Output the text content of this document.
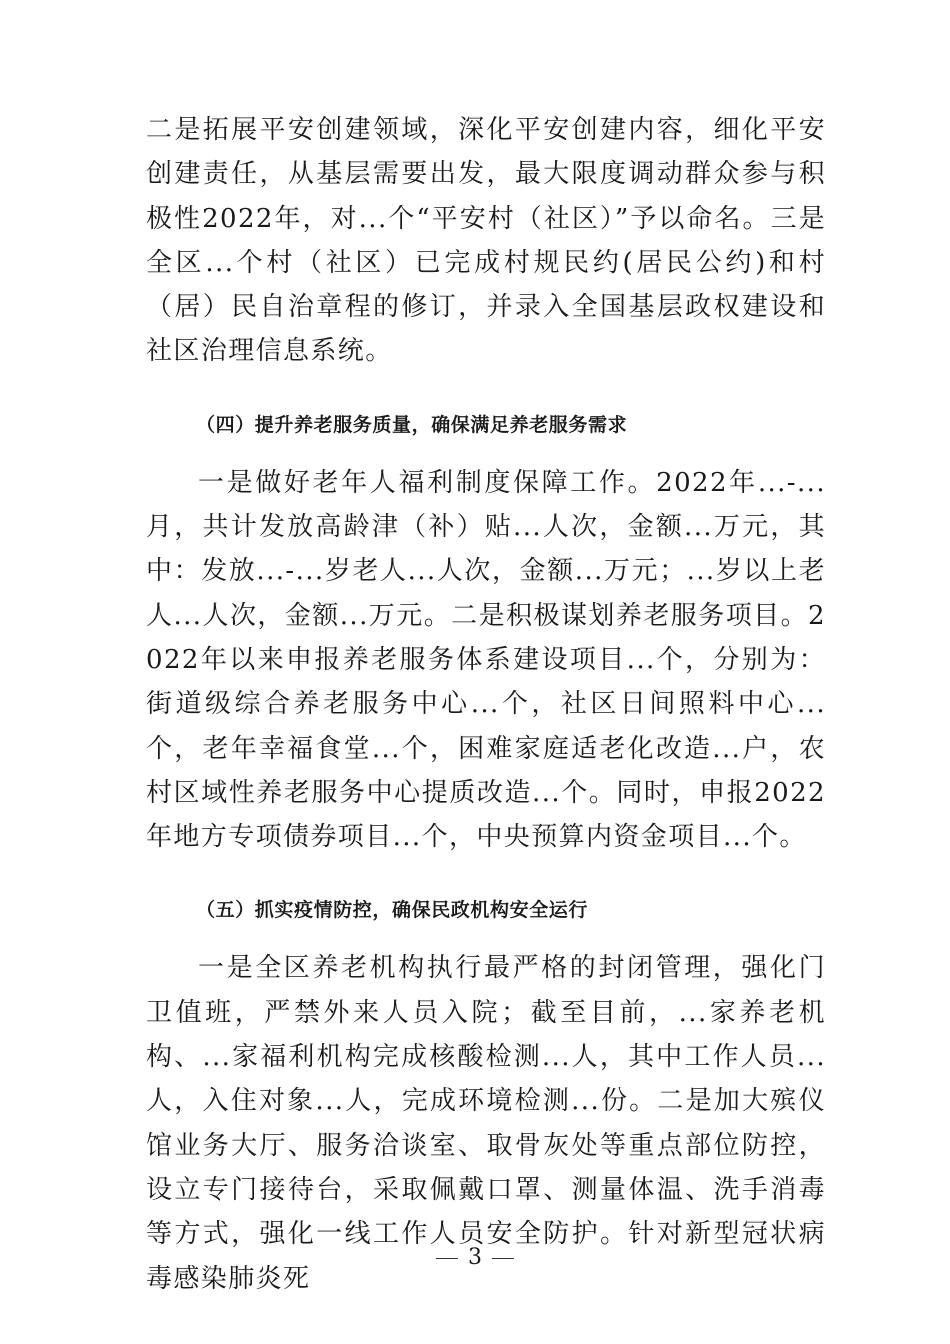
二是拓展平安创建领域，深化平安创建内容，细化平安创建责任，从基层需要出发，最大限度调动群众参与积极性2022年，对...个“平安村（社区）”予以命名。三是全区...个村（社区）已完成村规民约(居民公约)和村（居）民自治章程的修订，并录入全国基层政权建设和社区治理信息系统。

（四）提升养老服务质量，确保满足养老服务需求

一是做好老年人福利制度保障工作。2022年...-...月，共计发放高龄津（补）贴...人次，金额...万元，其中：发放...-...岁老人...人次，金额...万元；...岁以上老人...人次，金额...万元。二是积极谋划养老服务项目。2022年以来申报养老服务体系建设项目...个，分别为：街道级综合养老服务中心...个，社区日间照料中心...个，老年幸福食堂...个，困难家庭适老化改造...户，农村区域性养老服务中心提质改造...个。同时，申报2022年地方专项债券项目...个，中央预算内资金项目...个。

（五）抓实疫情防控，确保民政机构安全运行

一是全区养老机构执行最严格的封闭管理，强化门卫值班，严禁外来人员入院；截至目前，...家养老机构、...家福利机构完成核酸检测...人，其中工作人员...人，入住对象...人，完成环境检测...份。二是加大殡仪馆业务大厅、服务洽谈室、取骨灰处等重点部位防控，设立专门接待台，采取佩戴口罩、测量体温、洗手消毒等方式，强化一线工作人员安全防护。针对新型冠状病毒感染肺炎死

3
